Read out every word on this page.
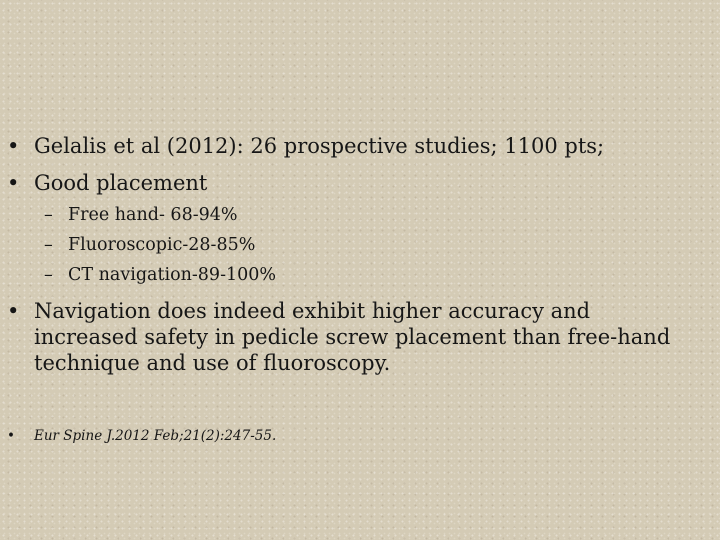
• Gelalis et al (2012): 26 prospective studies; 1100 pts;
• Good placement
– Free hand- 68-94%
– Fluoroscopic-28-85%
– CT navigation-89-100%
• Navigation does indeed exhibit higher accuracy and increased safety in pedicle screw placement than free-hand technique and use of fluoroscopy.
• Eur Spine J.2012 Feb;21(2):247-55.
